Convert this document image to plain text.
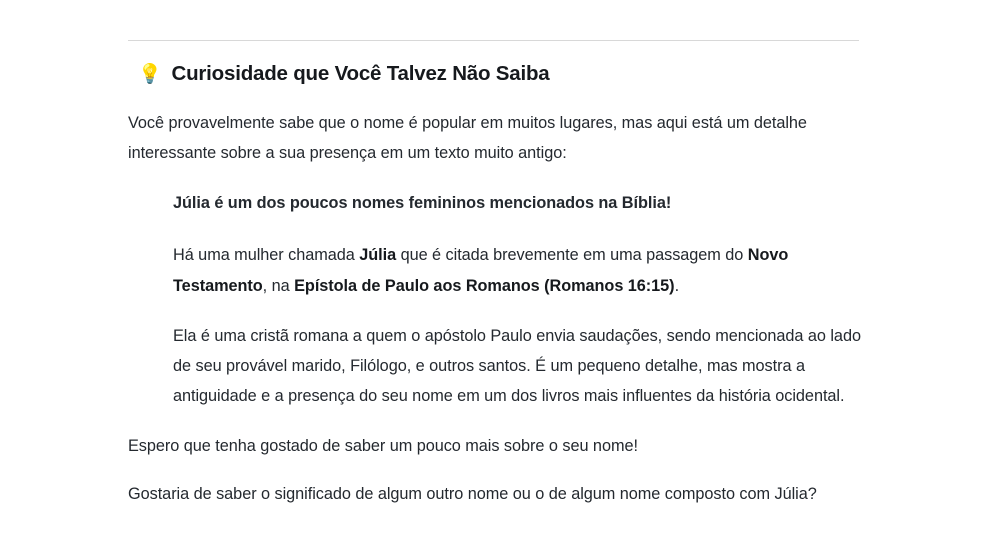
💡 Curiosidade que Você Talvez Não Saiba

Você provavelmente sabe que o nome é popular em muitos lugares, mas aqui está um detalhe interessante sobre a sua presença em um texto muito antigo:

Júlia é um dos poucos nomes femininos mencionados na Bíblia!

Há uma mulher chamada Júlia que é citada brevemente em uma passagem do Novo Testamento, na Epístola de Paulo aos Romanos (Romanos 16:15).

Ela é uma cristã romana a quem o apóstolo Paulo envia saudações, sendo mencionada ao lado de seu provável marido, Filólogo, e outros santos. É um pequeno detalhe, mas mostra a antiguidade e a presença do seu nome em um dos livros mais influentes da história ocidental.

Espero que tenha gostado de saber um pouco mais sobre o seu nome!

Gostaria de saber o significado de algum outro nome ou o de algum nome composto com Júlia?
